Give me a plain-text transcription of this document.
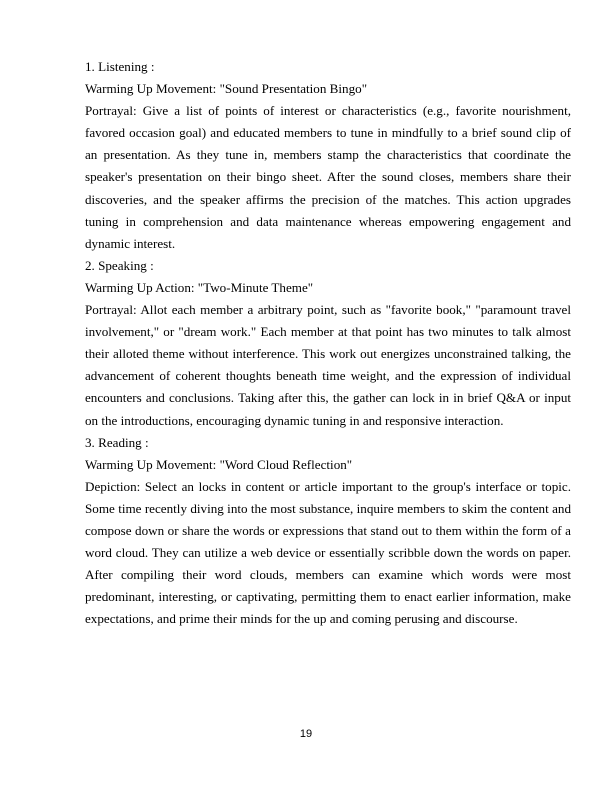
1. Listening :

Warming Up Movement: "Sound Presentation Bingo"

Portrayal: Give a list of points of interest or characteristics (e.g., favorite nourishment, favored occasion goal) and educated members to tune in mindfully to a brief sound clip of an presentation. As they tune in, members stamp the characteristics that coordinate the speaker's presentation on their bingo sheet. After the sound closes, members share their discoveries, and the speaker affirms the precision of the matches. This action upgrades tuning in comprehension and data maintenance whereas empowering engagement and dynamic interest.

2. Speaking :

Warming Up Action: "Two-Minute Theme"

Portrayal: Allot each member a arbitrary point, such as "favorite book," "paramount travel involvement," or "dream work." Each member at that point has two minutes to talk almost their alloted theme without interference. This work out energizes unconstrained talking, the advancement of coherent thoughts beneath time weight, and the expression of individual encounters and conclusions. Taking after this, the gather can lock in in brief Q&A or input on the introductions, encouraging dynamic tuning in and responsive interaction.

3. Reading :

Warming Up Movement: "Word Cloud Reflection"

Depiction: Select an locks in content or article important to the group's interface or topic. Some time recently diving into the most substance, inquire members to skim the content and compose down or share the words or expressions that stand out to them within the form of a word cloud. They can utilize a web device or essentially scribble down the words on paper. After compiling their word clouds, members can examine which words were most predominant, interesting, or captivating, permitting them to enact earlier information, make expectations, and prime their minds for the up and coming perusing and discourse.

19
